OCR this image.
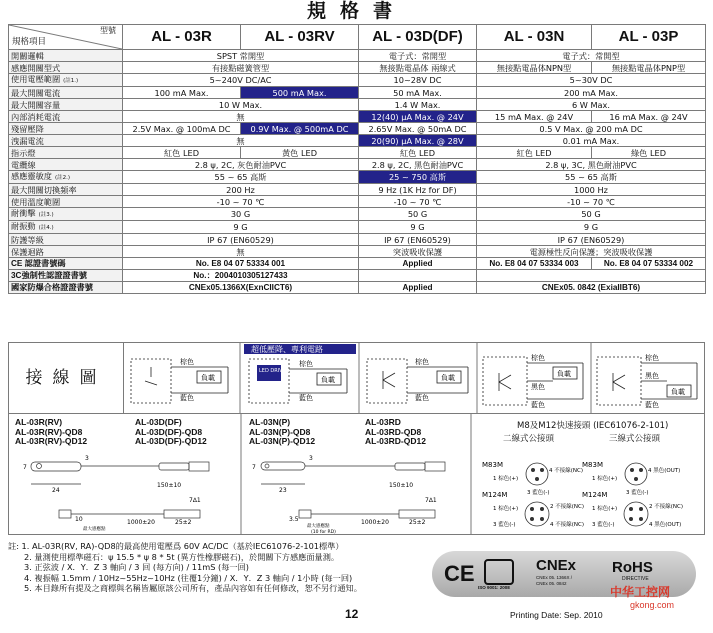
規格書
型號
規格項目	AL - 03R	AL - 03RV	AL - 03D(DF)	AL - 03N	AL - 03P
開關邏輯	SPST 常開型		電子式：常開型	電子式：常開型	
感應開關型式	有接點磁簧管型		無接點電晶体 兩線式	無接點電晶体NPN型	無接點電晶体PNP型
使用電壓範圍 (註1.)	5~240V DC/AC		10~28V DC	5~30V DC	
最大開關電流	100 mA Max.	500 mA Max.	50 mA Max.	200 mA Max.	
最大開關容量	10 W Max.		1.4 W Max.	6 W Max.	
內部消耗電流	無		12(40) μA Max. @ 24V	15 mA Max. @ 24V	16 mA Max. @ 24V
殘留壓降	2.5V Max. @ 100mA DC	0.9V Max. @ 500mA DC	2.65V Max. @ 50mA DC	0.5 V Max. @ 200 mA DC	
洩漏電流	無		20(90) μA Max. @ 28V	0.01 mA Max.	
指示燈	紅色 LED	黃色 LED	紅色 LED	紅色 LED	綠色 LED
電纜線	2.8 ψ, 2C, 灰色耐油PVC		2.8 ψ, 2C, 黑色耐油PVC	2.8 ψ, 3C, 黑色耐油PVC	
感應靈敏度 (註2.)	55 ~ 65 高斯		25 ~ 750 高斯	55 ~ 65 高斯	
最大開關切換頻率	200 Hz		9 Hz (1K Hz for DF)	1000 Hz	
使用溫度範圍	-10 ~ 70 ℃		-10 ~ 70 ℃	-10 ~ 70 ℃	
耐衝擊 (註3.)	30 G		50 G	50 G	
耐振動 (註4.)	9 G		9 G	9 G	
防護等級	IP 67 (EN60529)		IP 67 (EN60529)	IP 67 (EN60529)	
保護迴路	無		突波吸收保護	電源極性反向保護；突波吸收保護	
CE 認證書號碼	No. E8 04 07 53334 001		Applied	No. E8 04 07 53334 003	No. E8 04 07 53334 002
3C強制性認證證書號	No.：2004010305127433				
國家防爆合格證證書號	CNEx05.1366X(ExnCIICT6)		Applied	CNEx05. 0842 (ExiaIIBT6)	
接線圖
棕色
藍色
負載
超低壓降、專利電路
LED DRIVER
棕色
藍色
負載
棕色
藍色
負載
棕色
黑色
藍色
負載
棕色
黑色
藍色
負載
7
3
24
150±10
7∆1
10	1000±20	25±2
最大感應點
7
3
23
150±10
7∆1
3.5	1000±20	25±2
最大感應點
(10 for RD)
M83M	M83M
M124M	M124M
1 棕色(+)
4 不接線(NC)
3 藍色(-)
1 棕色(+)
4 黑色(OUT)
3 藍色(-)
1 棕色(+)	2 不接線(NC)
3 藍色(-)	4 不接線(NC)
1 棕色(+)	2 不接線(NC)
3 藍色(-)	4 黑色(OUT)
AL-03R(RV)
AL-03R(RV)-QD8
AL-03R(RV)-QD12
AL-03D(DF)
AL-03D(DF)-QD8
AL-03D(DF)-QD12
AL-03N(P)
AL-03N(P)-QD8
AL-03N(P)-QD12
AL-03RD
AL-03RD-QD8
AL-03RD-QD12
M8及M12快速接頭 (IEC61076-2-101)
二線式公接頭	三線式公接頭
註: 1. AL-03R(RV, RA)-QD8的最高使用電壓爲 60V AC/DC（基於IEC61076-2-101標準）
2. 量測使用標準磁石：ψ 15.5 * ψ 8 * 5t (異方性橡膠磁石)，於開關下方感應面量測。
3. 正弦波 / X．Y．Z 3 軸向 / 3 回 (每方向) / 11mS (每一回)
4. 複振幅 1.5mm / 10Hz~55Hz~10Hz (往覆1分鐘) / X．Y．Z 3 軸向 / 1小時 (每一回)
5. 本目錄所有提及之商標與名稱皆屬原該公司所有，產品內容如有任何修改，恕不另行通知。
CE
ISO 9001: 2008
CNEx
CNEx 05. 1366X / CNEx 05. 0842
RoHS
DIRECTIVE
12	Printing Date: Sep. 2010
中华工控网
gkong.com
